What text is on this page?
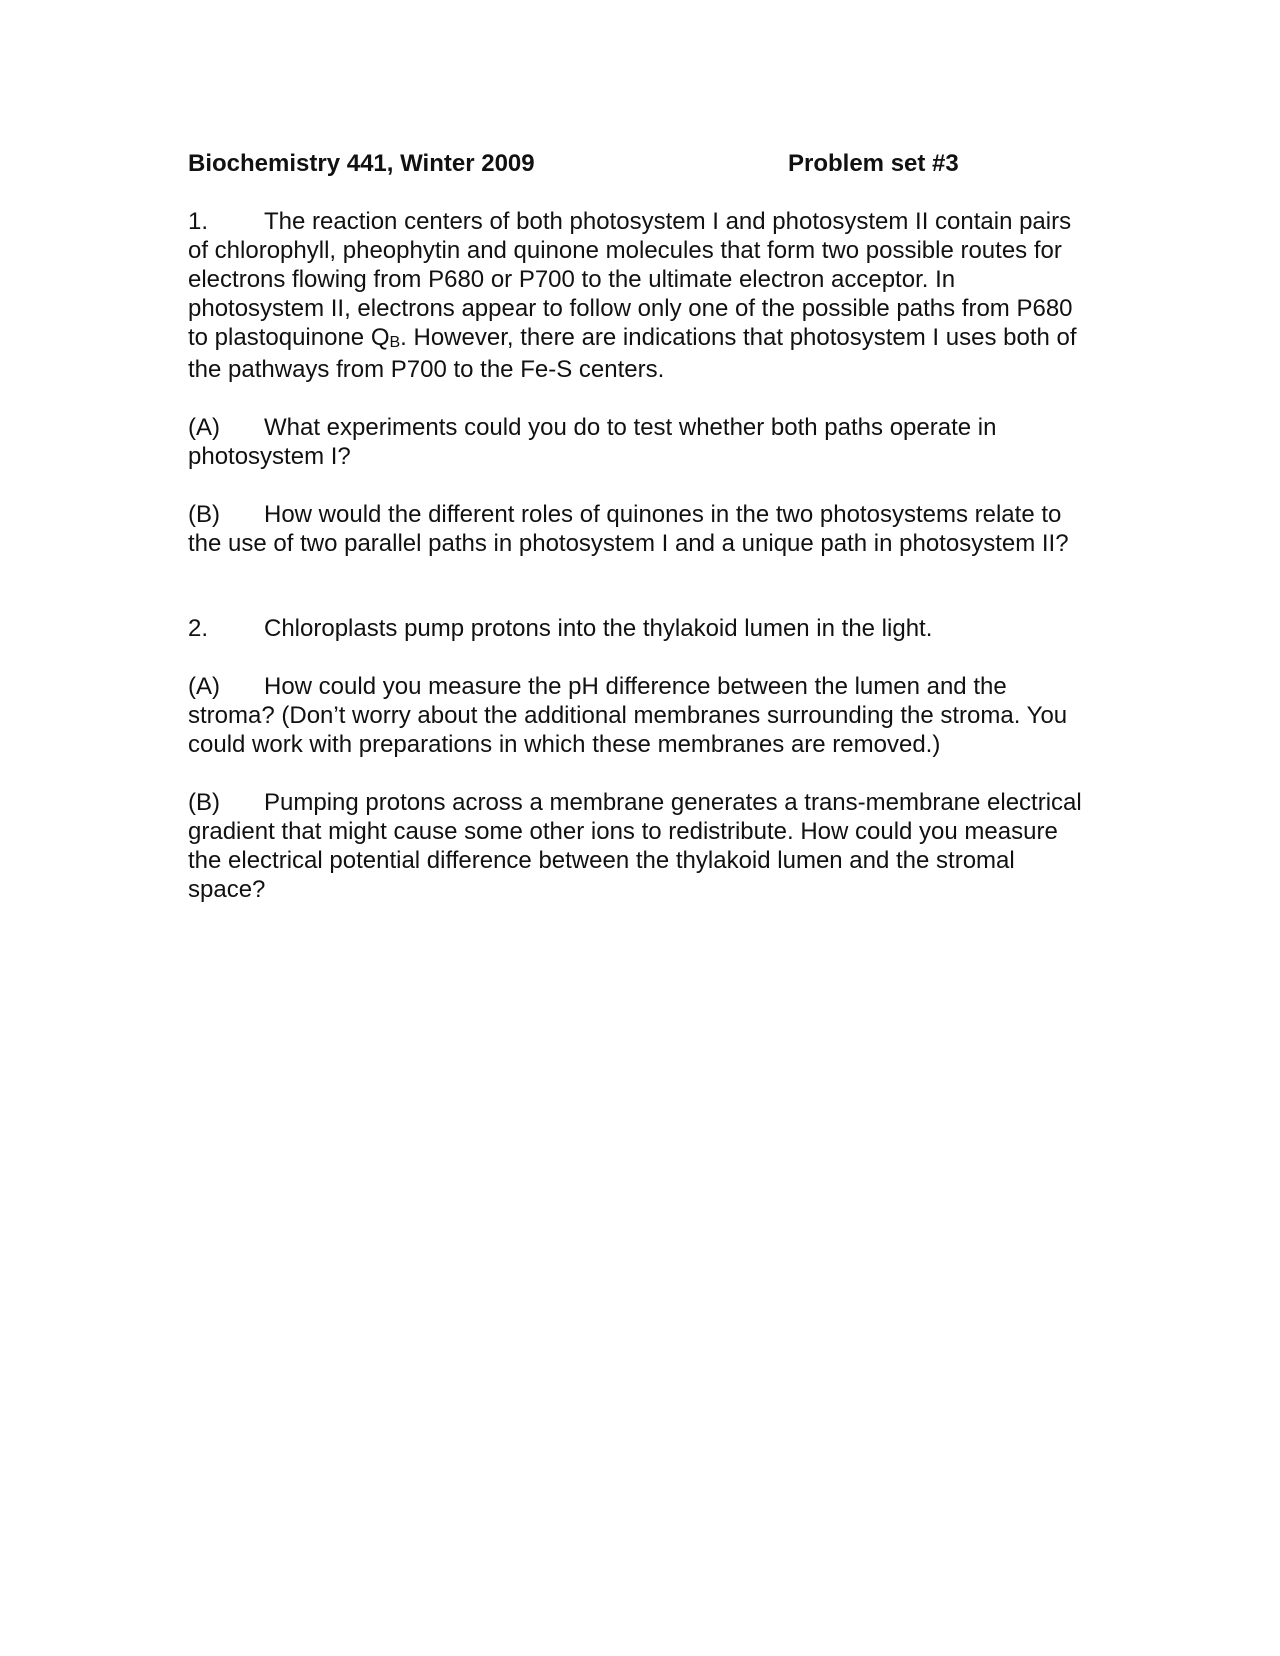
Biochemistry 441, Winter 2009	Problem set #3

1. The reaction centers of both photosystem I and photosystem II contain pairs of chlorophyll, pheophytin and quinone molecules that form two possible routes for electrons flowing from P680 or P700 to the ultimate electron acceptor. In photosystem II, electrons appear to follow only one of the possible paths from P680 to plastoquinone $Q_B$. However, there are indications that photosystem I uses both of the pathways from P700 to the Fe-S centers.

(A) What experiments could you do to test whether both paths operate in photosystem I?

(B) How would the different roles of quinones in the two photosystems relate to the use of two parallel paths in photosystem I and a unique path in photosystem II?

2. Chloroplasts pump protons into the thylakoid lumen in the light.

(A) How could you measure the pH difference between the lumen and the stroma? (Don’t worry about the additional membranes surrounding the stroma. You could work with preparations in which these membranes are removed.)

(B) Pumping protons across a membrane generates a trans-membrane electrical gradient that might cause some other ions to redistribute. How could you measure the electrical potential difference between the thylakoid lumen and the stromal space?
